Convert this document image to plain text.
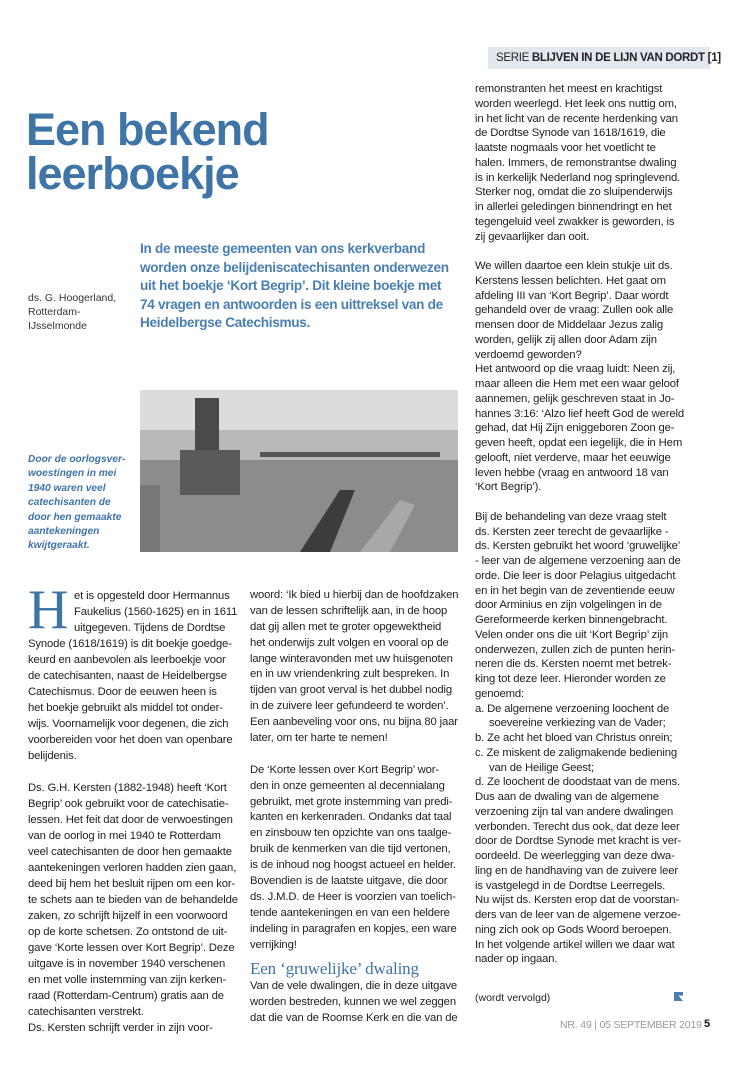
SERIE BLIJVEN IN DE LIJN VAN DORDT [1]
Een bekend
leerboekje
ds. G. Hoogerland,
Rotterdam-
IJsselmonde
In de meeste gemeenten van ons kerkverband
worden onze belijdeniscatechisanten onderwezen
uit het boekje ‘Kort Begrip’. Dit kleine boekje met
74 vragen en antwoorden is een uittreksel van de
Heidelbergse Catechismus.
Door de oorlogsver-
woestingen in mei
1940 waren veel
catechisanten de
door hen gemaakte
aantekeningen
kwijtgeraakt.
H et is opgesteld door Hermannus
Faukelius (1560-1625) en in 1611
uitgegeven. Tijdens de Dordtse
Synode (1618/1619) is dit boekje goedge-
keurd en aanbevolen als leerboekje voor
de catechisanten, naast de Heidelbergse
Catechismus. Door de eeuwen heen is
het boekje gebruikt als middel tot onder-
wijs. Voornamelijk voor degenen, die zich
voorbereiden voor het doen van openbare
belijdenis.
Ds. G.H. Kersten (1882-1948) heeft ‘Kort
Begrip’ ook gebruikt voor de catechisatie-
lessen. Het feit dat door de verwoestingen
van de oorlog in mei 1940 te Rotterdam
veel catechisanten de door hen gemaakte
aantekeningen verloren hadden zien gaan,
deed bij hem het besluit rijpen om een kor-
te schets aan te bieden van de behandelde
zaken, zo schrijft hijzelf in een voorwoord
op de korte schetsen. Zo ontstond de uit-
gave ‘Korte lessen over Kort Begrip’. Deze
uitgave is in november 1940 verschenen
en met volle instemming van zijn kerken-
raad (Rotterdam-Centrum) gratis aan de
catechisanten verstrekt.
Ds. Kersten schrijft verder in zijn voor-
woord: ‘Ik bied u hierbij dan de hoofdzaken
van de lessen schriftelijk aan, in de hoop
dat gij allen met te groter opgewektheid
het onderwijs zult volgen en vooral op de
lange winteravonden met uw huisgenoten
en in uw vriendenkring zult bespreken. In
tijden van groot verval is het dubbel nodig
in de zuivere leer gefundeerd te worden’.
Een aanbeveling voor ons, nu bijna 80 jaar
later, om ter harte te nemen!
De ‘Korte lessen over Kort Begrip’ wor-
den in onze gemeenten al decennialang
gebruikt, met grote instemming van predi-
kanten en kerkenraden. Ondanks dat taal
en zinsbouw ten opzichte van ons taalge-
bruik de kenmerken van die tijd vertonen,
is de inhoud nog hoogst actueel en helder.
Bovendien is de laatste uitgave, die door
ds. J.M.D. de Heer is voorzien van toelich-
tende aantekeningen en van een heldere
indeling in paragrafen en kopjes, een ware
verrijking!
Een ‘gruwelijke’ dwaling
Van de vele dwalingen, die in deze uitgave
worden bestreden, kunnen we wel zeggen
dat die van de Roomse Kerk en die van de
remonstranten het meest en krachtigst
worden weerlegd. Het leek ons nuttig om,
in het licht van de recente herdenking van
de Dordtse Synode van 1618/1619, die
laatste nogmaals voor het voetlicht te
halen. Immers, de remonstrantse dwaling
is in kerkelijk Nederland nog springlevend.
Sterker nog, omdat die zo sluipenderwijs
in allerlei geledingen binnendringt en het
tegengeluid veel zwakker is geworden, is
zij gevaarlijker dan ooit.
We willen daartoe een klein stukje uit ds.
Kerstens lessen belichten. Het gaat om
afdeling III van ‘Kort Begrip’. Daar wordt
gehandeld over de vraag: Zullen ook alle
mensen door de Middelaar Jezus zalig
worden, gelijk zij allen door Adam zijn
verdoemd geworden?
Het antwoord op die vraag luidt: Neen zij,
maar alleen die Hem met een waar geloof
aannemen, gelijk geschreven staat in Jo-
hannes 3:16: ‘Alzo lief heeft God de wereld
gehad, dat Hij Zijn eniggeboren Zoon ge-
geven heeft, opdat een iegelijk, die in Hem
gelooft, niet verderve, maar het eeuwige
leven hebbe (vraag en antwoord 18 van
‘Kort Begrip’).
Bij de behandeling van deze vraag stelt
ds. Kersten zeer terecht de gevaarlijke -
ds. Kersten gebruikt het woord ‘gruwelijke’
- leer van de algemene verzoening aan de
orde. Die leer is door Pelagius uitgedacht
en in het begin van de zeventiende eeuw
door Arminius en zijn volgelingen in de
Gereformeerde kerken binnengebracht.
Velen onder ons die uit ‘Kort Begrip’ zijn
onderwezen, zullen zich de punten herin-
neren die ds. Kersten noemt met betrek-
king tot deze leer. Hieronder worden ze
genoemd:
a. De algemene verzoening loochent de
soevereine verkiezing van de Vader;
b. Ze acht het bloed van Christus onrein;
c. Ze miskent de zaligmakende bediening
van de Heilige Geest;
d. Ze loochent de doodstaat van de mens.
Dus aan de dwaling van de algemene
verzoening zijn tal van andere dwalingen
verbonden. Terecht dus ook, dat deze leer
door de Dordtse Synode met kracht is ver-
oordeeld. De weerlegging van deze dwa-
ling en de handhaving van de zuivere leer
is vastgelegd in de Dordtse Leerregels.
Nu wijst ds. Kersten erop dat de voorstan-
ders van de leer van de algemene verzoe-
ning zich ook op Gods Woord beroepen.
In het volgende artikel willen we daar wat
nader op ingaan.
(wordt vervolgd)
NR. 49 | 05 SEPTEMBER 2019 5
